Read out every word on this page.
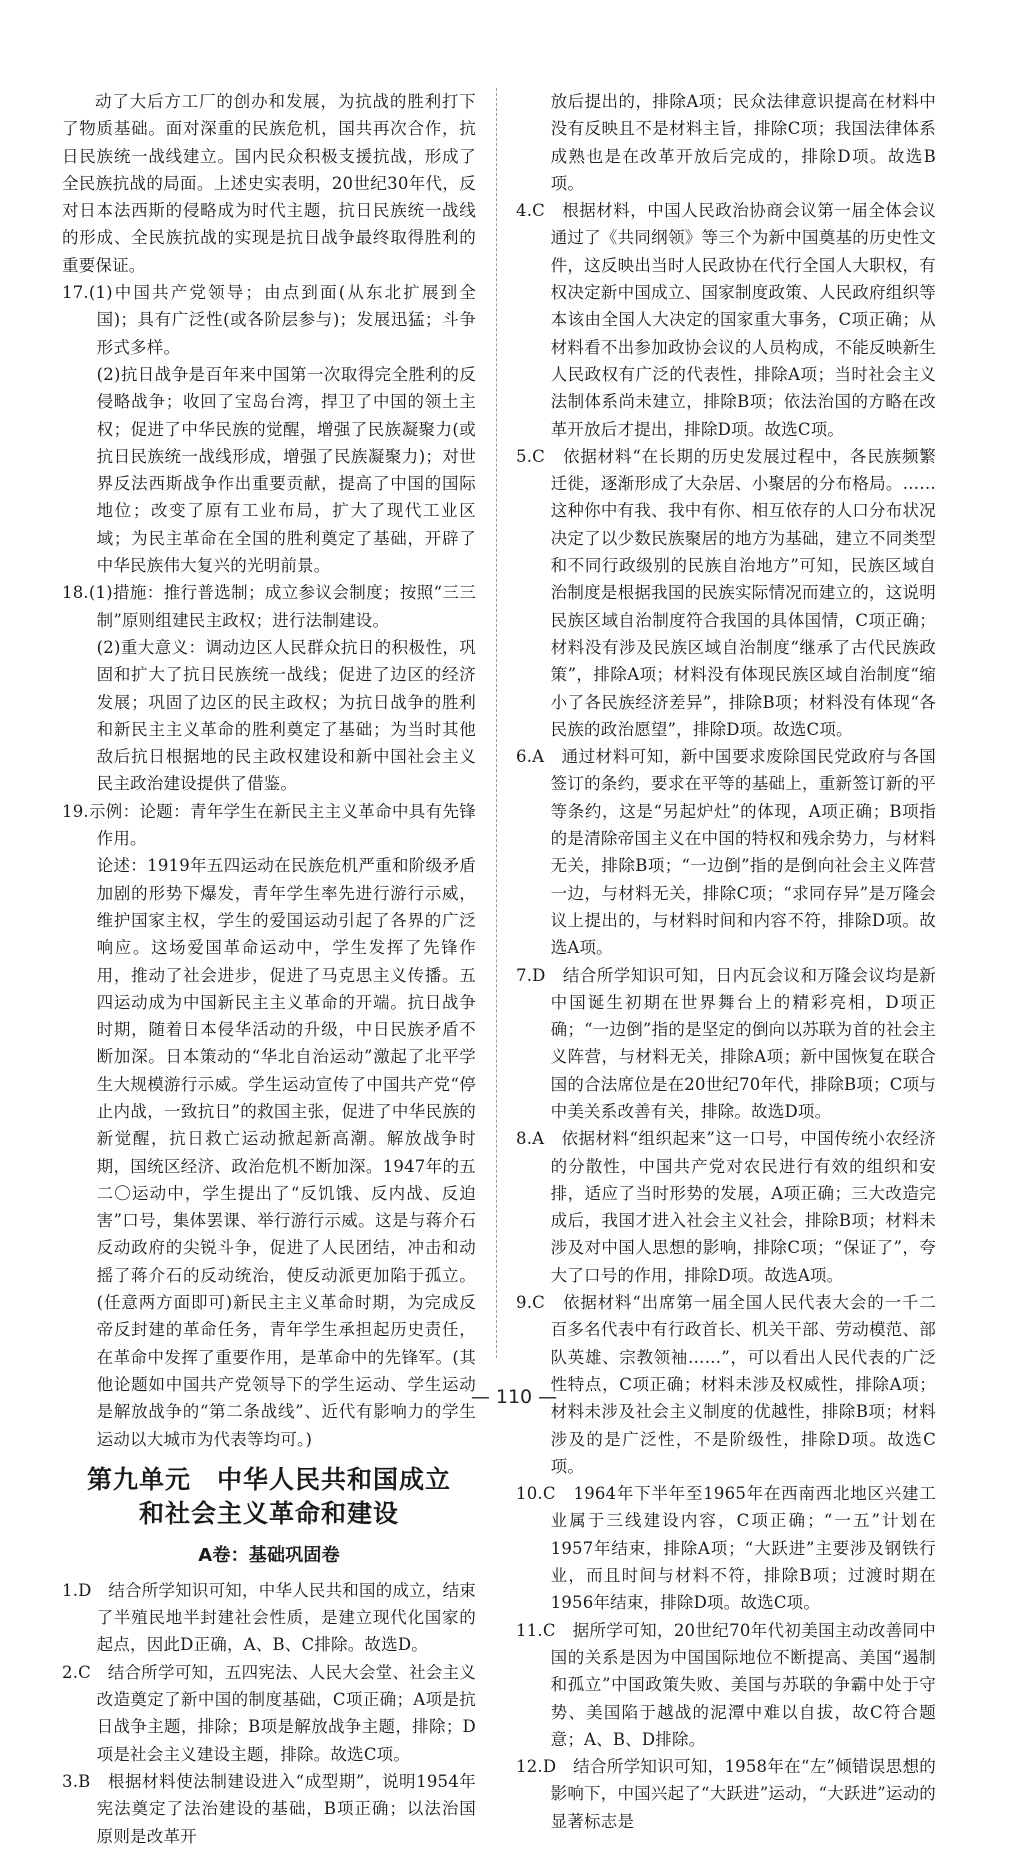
动了大后方工厂的创办和发展，为抗战的胜利打下了物质基础。面对深重的民族危机，国共再次合作，抗日民族统一战线建立。国内民众积极支援抗战，形成了全民族抗战的局面。上述史实表明，20世纪30年代，反对日本法西斯的侵略成为时代主题，抗日民族统一战线的形成、全民族抗战的实现是抗日战争最终取得胜利的重要保证。

17.(1)中国共产党领导；由点到面(从东北扩展到全国)；具有广泛性(或各阶层参与)；发展迅猛；斗争形式多样。

(2)抗日战争是百年来中国第一次取得完全胜利的反侵略战争；收回了宝岛台湾，捍卫了中国的领土主权；促进了中华民族的觉醒，增强了民族凝聚力(或抗日民族统一战线形成，增强了民族凝聚力)；对世界反法西斯战争作出重要贡献，提高了中国的国际地位；改变了原有工业布局，扩大了现代工业区域；为民主革命在全国的胜利奠定了基础，开辟了中华民族伟大复兴的光明前景。

18.(1)措施：推行普选制；成立参议会制度；按照“三三制”原则组建民主政权；进行法制建设。

(2)重大意义：调动边区人民群众抗日的积极性，巩固和扩大了抗日民族统一战线；促进了边区的经济发展；巩固了边区的民主政权；为抗日战争的胜利和新民主主义革命的胜利奠定了基础；为当时其他敌后抗日根据地的民主政权建设和新中国社会主义民主政治建设提供了借鉴。

19.示例：论题：青年学生在新民主主义革命中具有先锋作用。

论述：1919年五四运动在民族危机严重和阶级矛盾加剧的形势下爆发，青年学生率先进行游行示威，维护国家主权，学生的爱国运动引起了各界的广泛响应。这场爱国革命运动中，学生发挥了先锋作用，推动了社会进步，促进了马克思主义传播。五四运动成为中国新民主主义革命的开端。抗日战争时期，随着日本侵华活动的升级，中日民族矛盾不断加深。日本策动的“华北自治运动”激起了北平学生大规模游行示威。学生运动宣传了中国共产党“停止内战，一致抗日”的救国主张，促进了中华民族的新觉醒，抗日救亡运动掀起新高潮。解放战争时期，国统区经济、政治危机不断加深。1947年的五二〇运动中，学生提出了“反饥饿、反内战、反迫害”口号，集体罢课、举行游行示威。这是与蒋介石反动政府的尖锐斗争，促进了人民团结，冲击和动摇了蒋介石的反动统治，使反动派更加陷于孤立。(任意两方面即可)新民主主义革命时期，为完成反帝反封建的革命任务，青年学生承担起历史责任，在革命中发挥了重要作用，是革命中的先锋军。(其他论题如中国共产党领导下的学生运动、学生运动是解放战争的“第二条战线”、近代有影响力的学生运动以大城市为代表等均可。)

第九单元　中华人民共和国成立
和社会主义革命和建设
A卷：基础巩固卷

1.D　结合所学知识可知，中华人民共和国的成立，结束了半殖民地半封建社会性质，是建立现代化国家的起点，因此D正确，A、B、C排除。故选D。

2.C　结合所学可知，五四宪法、人民大会堂、社会主义改造奠定了新中国的制度基础，C项正确；A项是抗日战争主题，排除；B项是解放战争主题，排除；D项是社会主义建设主题，排除。故选C项。

3.B　根据材料使法制建设进入“成型期”，说明1954年宪法奠定了法治建设的基础，B项正确；以法治国原则是改革开

放后提出的，排除A项；民众法律意识提高在材料中没有反映且不是材料主旨，排除C项；我国法律体系成熟也是在改革开放后完成的，排除D项。故选B项。

4.C　根据材料，中国人民政治协商会议第一届全体会议通过了《共同纲领》等三个为新中国奠基的历史性文件，这反映出当时人民政协在代行全国人大职权，有权决定新中国成立、国家制度政策、人民政府组织等本该由全国人大决定的国家重大事务，C项正确；从材料看不出参加政协会议的人员构成，不能反映新生人民政权有广泛的代表性，排除A项；当时社会主义法制体系尚未建立，排除B项；依法治国的方略在改革开放后才提出，排除D项。故选C项。

5.C　依据材料“在长期的历史发展过程中，各民族频繁迁徙，逐渐形成了大杂居、小聚居的分布格局。……这种你中有我、我中有你、相互依存的人口分布状况决定了以少数民族聚居的地方为基础，建立不同类型和不同行政级别的民族自治地方”可知，民族区域自治制度是根据我国的民族实际情况而建立的，这说明民族区域自治制度符合我国的具体国情，C项正确；材料没有涉及民族区域自治制度“继承了古代民族政策”，排除A项；材料没有体现民族区域自治制度“缩小了各民族经济差异”，排除B项；材料没有体现“各民族的政治愿望”，排除D项。故选C项。

6.A　通过材料可知，新中国要求废除国民党政府与各国签订的条约，要求在平等的基础上，重新签订新的平等条约，这是“另起炉灶”的体现，A项正确；B项指的是清除帝国主义在中国的特权和残余势力，与材料无关，排除B项；“一边倒”指的是倒向社会主义阵营一边，与材料无关，排除C项；“求同存异”是万隆会议上提出的，与材料时间和内容不符，排除D项。故选A项。

7.D　结合所学知识可知，日内瓦会议和万隆会议均是新中国诞生初期在世界舞台上的精彩亮相，D项正确；“一边倒”指的是坚定的倒向以苏联为首的社会主义阵营，与材料无关，排除A项；新中国恢复在联合国的合法席位是在20世纪70年代，排除B项；C项与中美关系改善有关，排除。故选D项。

8.A　依据材料“组织起来”这一口号，中国传统小农经济的分散性，中国共产党对农民进行有效的组织和安排，适应了当时形势的发展，A项正确；三大改造完成后，我国才进入社会主义社会，排除B项；材料未涉及对中国人思想的影响，排除C项；“保证了”，夸大了口号的作用，排除D项。故选A项。

9.C　依据材料“出席第一届全国人民代表大会的一千二百多名代表中有行政首长、机关干部、劳动模范、部队英雄、宗教领袖……”，可以看出人民代表的广泛性特点，C项正确；材料未涉及权威性，排除A项；材料未涉及社会主义制度的优越性，排除B项；材料涉及的是广泛性，不是阶级性，排除D项。故选C项。

10.C　1964年下半年至1965年在西南西北地区兴建工业属于三线建设内容，C项正确；“一五”计划在1957年结束，排除A项；“大跃进”主要涉及钢铁行业，而且时间与材料不符，排除B项；过渡时期在1956年结束，排除D项。故选C项。

11.C　据所学可知，20世纪70年代初美国主动改善同中国的关系是因为中国国际地位不断提高、美国“遏制和孤立”中国政策失败、美国与苏联的争霸中处于守势、美国陷于越战的泥潭中难以自拔，故C符合题意；A、B、D排除。

12.D　结合所学知识可知，1958年在“左”倾错误思想的影响下，中国兴起了“大跃进”运动，“大跃进”运动的显著标志是

— 110 —
